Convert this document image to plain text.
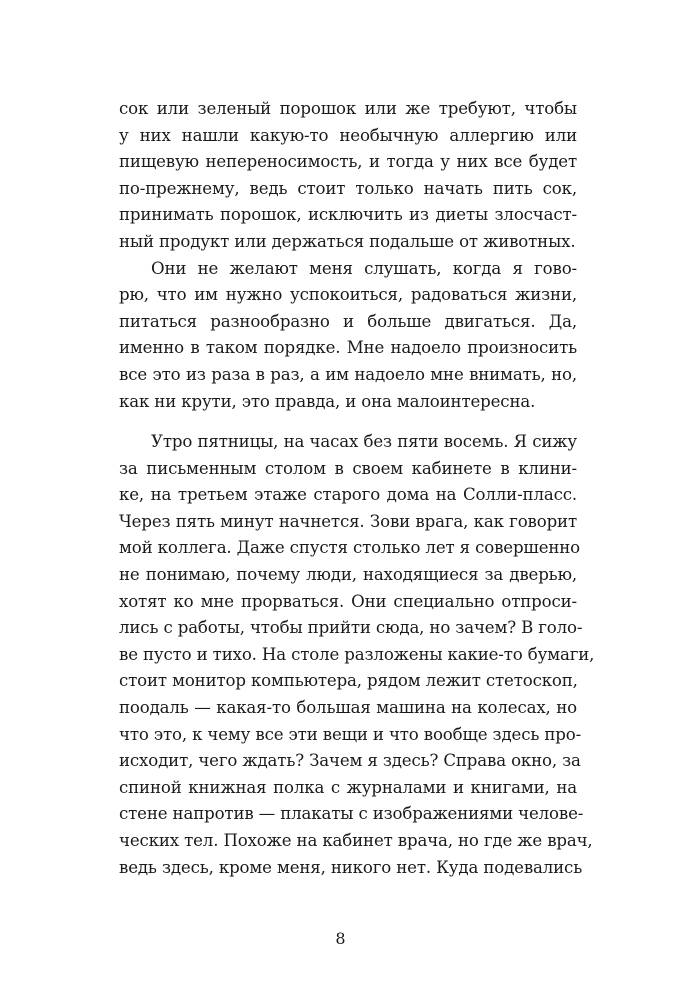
сок или зеленый порошок или же требуют, чтобы
у них нашли какую-то необычную аллергию или
пищевую непереносимость, и тогда у них все будет
по-прежнему, ведь стоит только начать пить сок,
принимать порошок, исключить из диеты злосчаст-
ный продукт или держаться подальше от животных.
Они не желают меня слушать, когда я гово-
рю, что им нужно успокоиться, радоваться жизни,
питаться разнообразно и больше двигаться. Да,
именно в таком порядке. Мне надоело произносить
все это из раза в раз, а им надоело мне внимать, но,
как ни крути, это правда, и она малоинтересна.
Утро пятницы, на часах без пяти восемь. Я сижу
за письменным столом в своем кабинете в клини-
ке, на третьем этаже старого дома на Солли-пласс.
Через пять минут начнется. Зови врага, как говорит
мой коллега. Даже спустя столько лет я совершенно
не понимаю, почему люди, находящиеся за дверью,
хотят ко мне прорваться. Они специально отпроси-
лись с работы, чтобы прийти сюда, но зачем? В голо-
ве пусто и тихо. На столе разложены какие-то бумаги,
стоит монитор компьютера, рядом лежит стетоскоп,
поодаль — какая-то большая машина на колесах, но
что это, к чему все эти вещи и что вообще здесь про-
исходит, чего ждать? Зачем я здесь? Справа окно, за
спиной книжная полка с журналами и книгами, на
стене напротив — плакаты с изображениями челове-
ческих тел. Похоже на кабинет врача, но где же врач,
ведь здесь, кроме меня, никого нет. Куда подевались
8
